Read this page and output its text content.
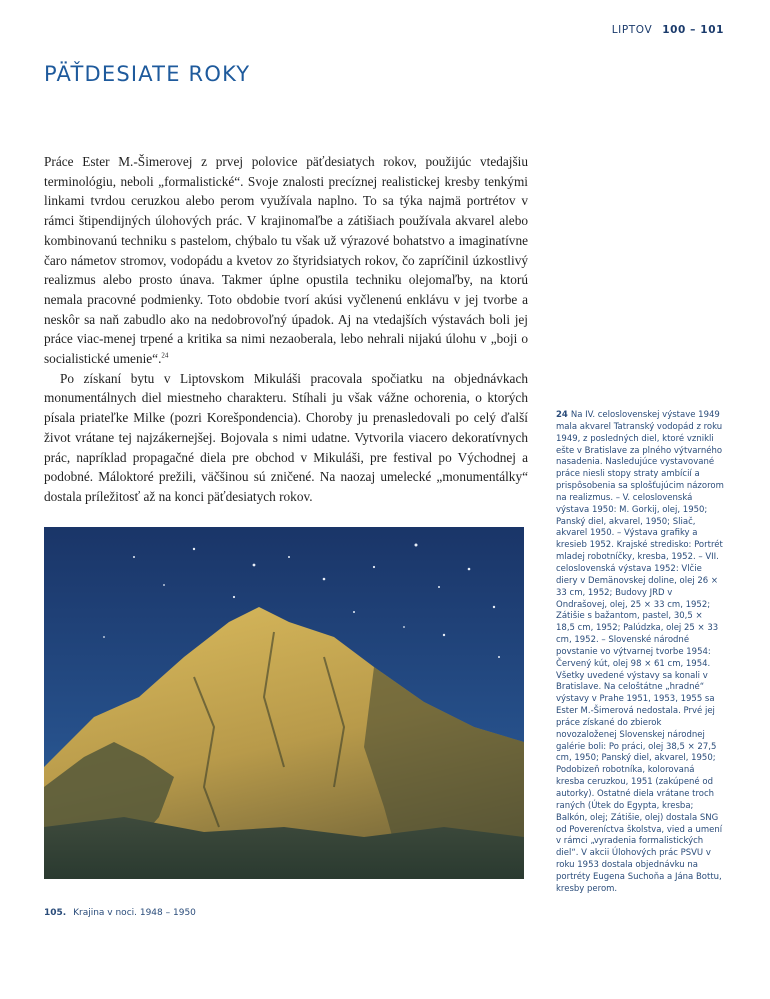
LIPTOV 100 – 101
PÄŤDESIATE ROKY

Práce Ester M.-Šimerovej z prvej polovice päťdesiatych rokov, použijúc vtedajšiu terminológiu, neboli „formalistické“. Svoje znalosti precíznej realistickej kresby tenkými linkami tvrdou ceruzkou alebo perom využívala naplno. To sa týka najmä portrétov v rámci štipendijných úlohových prác. V krajinomaľbe a zátišiach používala akvarel alebo kombinovanú techniku s pastelom, chýbalo tu však už výrazové bohatstvo a imaginatívne čaro námetov stromov, vodopádu a kvetov zo štyridsiatych rokov, čo zapríčinil úzkostlivý realizmus alebo prosto únava. Takmer úplne opustila techniku olejomaľby, na ktorú nemala pracovné podmienky. Toto obdobie tvorí akúsi vyčlenenú enklávu v jej tvorbe a neskôr sa naň zabudlo ako na nedobrovoľný úpadok. Aj na vtedajších výstavách boli jej práce viac-menej trpené a kritika sa nimi nezaoberala, lebo nehrali nijakú úlohu v „boji o socialistické umenie“.$^{24}$

Po získaní bytu v Liptovskom Mikuláši pracovala spočiatku na objednávkach monumentálnych diel miestneho charakteru. Stíhali ju však vážne ochorenia, o ktorých písala priateľke Milke (pozri Korešpondencia). Choroby ju prenasledovali po celý ďalší život vrátane tej najzákernejšej. Bojovala s nimi udatne. Vytvorila viacero dekoratívnych prác, napríklad propagačné diela pre obchod v Mikuláši, pre festival po Východnej a podobné. Máloktoré prežili, väčšinou sú zničené. Na naozaj umelecké „monumentálky“ dostala príležitosť až na konci päťdesiatych rokov.

24 Na IV. celoslovenskej výstave 1949 mala akvarel Tatranský vodopád z roku 1949, z posledných diel, ktoré vznikli ešte v Bratislave za plného výtvarného nasadenia. Nasledujúce vystavované práce niesli stopy straty ambícií a prispôsobenia sa splošťujúcim názorom na realizmus. – V. celoslovenská výstava 1950: M. Gorkij, olej, 1950; Panský diel, akvarel, 1950; Sliač, akvarel 1950. – Výstava grafiky a kresieb 1952. Krajské stredisko: Portrét mladej robotníčky, kresba, 1952. – VII. celoslovenská výstava 1952: Vlčie diery v Demänovskej doline, olej 26 × 33 cm, 1952; Budovy JRD v Ondrašovej, olej, 25 × 33 cm, 1952; Zátišie s bažantom, pastel, 30,5 × 18,5 cm, 1952; Palúdzka, olej 25 × 33 cm, 1952. – Slovenské národné povstanie vo výtvarnej tvorbe 1954: Červený kút, olej 98 × 61 cm, 1954. Všetky uvedené výstavy sa konali v Bratislave. Na celoštátne „hradné“ výstavy v Prahe 1951, 1953, 1955 sa Ester M.-Šimerová nedostala. Prvé jej práce získané do zbierok novozaloženej Slovenskej národnej galérie boli: Po práci, olej 38,5 × 27,5 cm, 1950; Panský diel, akvarel, 1950; Podobizeň robotníka, kolorovaná kresba ceruzkou, 1951 (zakúpené od autorky). Ostatné diela vrátane troch raných (Útek do Egypta, kresba; Balkón, olej; Zátišie, olej) dostala SNG od Povereníctva školstva, vied a umení v rámci „vyradenia formalistických diel“. V akcii Úlohových prác PSVU v roku 1953 dostala objednávku na portréty Eugena Suchoňa a Jána Bottu, kresby perom.

105. Krajina v noci. 1948 – 1950
